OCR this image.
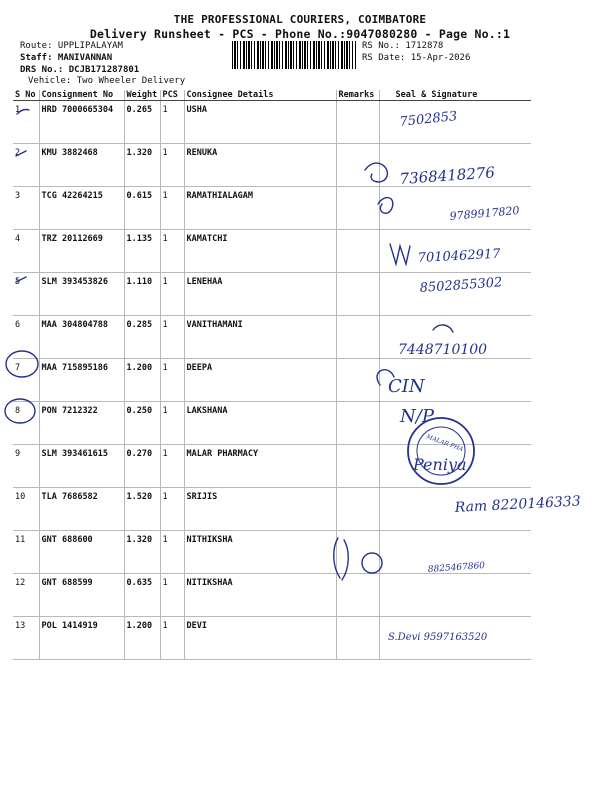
THE PROFESSIONAL COURIERS, COIMBATORE
Delivery Runsheet - PCS - Phone No.:9047080280 - Page No.:1
Route: UPPLIPALAYAM
Staff: MANIVANNAN
DRS No.: DCJB171287801
Vehicle: Two Wheeler Delivery
RS No.: 1712878
RS Date: 15-Apr-2026
S No	Consignment No	Weight	PCS	Consignee Details	Remarks	Seal & Signature
1	HRD 7000665304	0.265	1	USHA		
2	KMU 3882468	1.320	1	RENUKA		
3	TCG 42264215	0.615	1	RAMATHIALAGAM		
4	TRZ 20112669	1.135	1	KAMATCHI		
5	SLM 393453826	1.110	1	LENEHAA		
6	MAA 304804788	0.285	1	VANITHAMANI		
7	MAA 715895186	1.200	1	DEEPA		
8	PON 7212322	0.250	1	LAKSHANA		
9	SLM 393461615	0.270	1	MALAR PHARMACY		
10	TLA 7686582	1.520	1	SRIJIS		
11	GNT 688600	1.320	1	NITHIKSHA		
12	GNT 688599	0.635	1	NITIKSHAA		
13	POL 1414919	1.200	1	DEVI		
7502853
7368418276
9789917820
7010462917
8502855302
7448710100
CIN
N/P
Peniya
Ram 8220146333
8825467860
S.Devi 9597163520
MALAR PHA
